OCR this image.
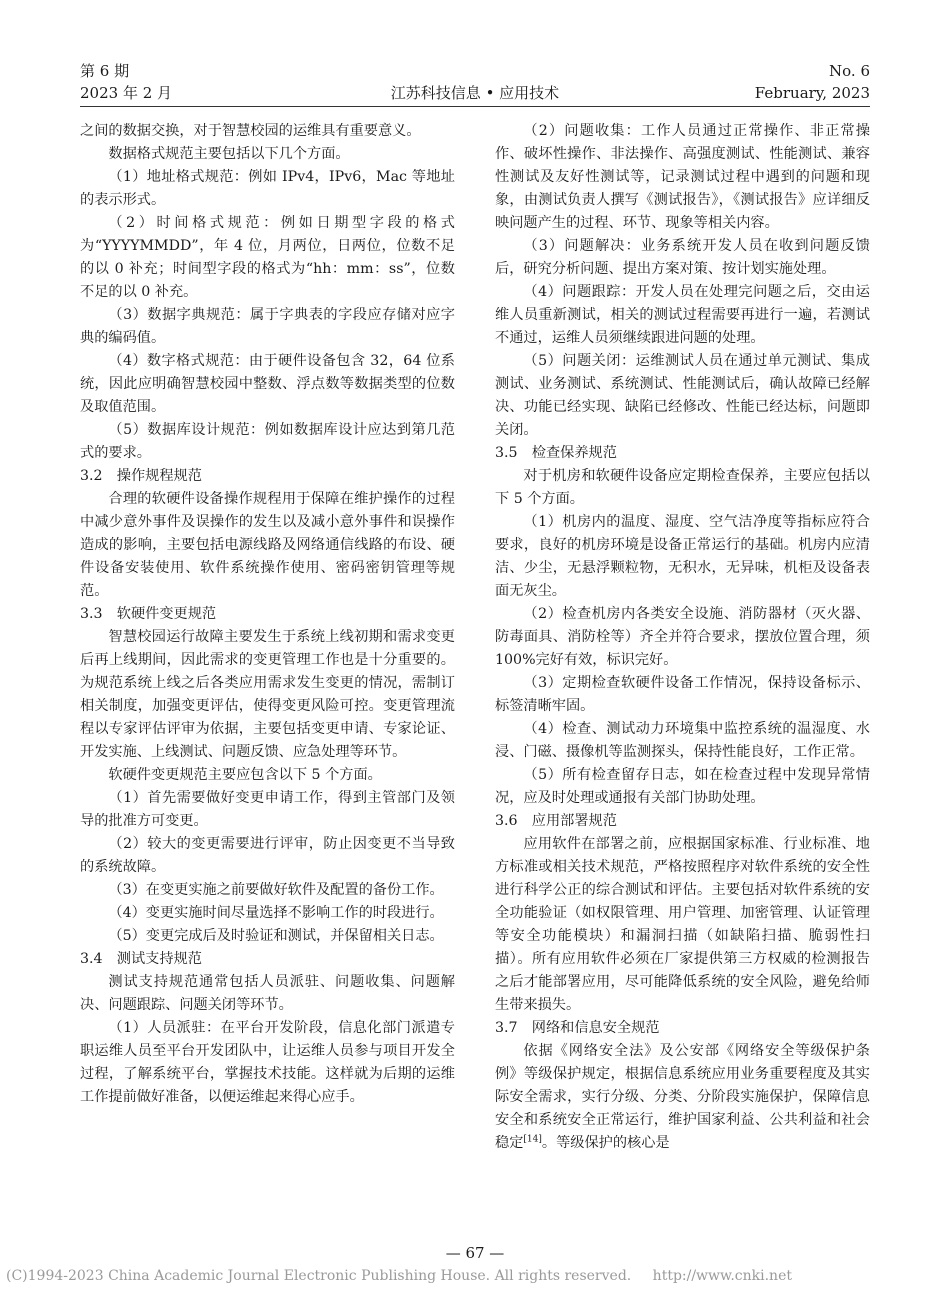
第 6 期
2023 年 2 月	江苏科技信息 • 应用技术
No. 6
February, 2023

之间的数据交换，对于智慧校园的运维具有重要意义。

数据格式规范主要包括以下几个方面。

（1）地址格式规范：例如 IPv4，IPv6，Mac 等地址的表示形式。

（2）时间格式规范：例如日期型字段的格式为“YYYYMMDD”，年 4 位，月两位，日两位，位数不足的以 0 补充；时间型字段的格式为“hh：mm：ss”，位数不足的以 0 补充。

（3）数据字典规范：属于字典表的字段应存储对应字典的编码值。

（4）数字格式规范：由于硬件设备包含 32，64 位系统，因此应明确智慧校园中整数、浮点数等数据类型的位数及取值范围。

（5）数据库设计规范：例如数据库设计应达到第几范式的要求。

3.2 操作规程规范

合理的软硬件设备操作规程用于保障在维护操作的过程中减少意外事件及误操作的发生以及减小意外事件和误操作造成的影响，主要包括电源线路及网络通信线路的布设、硬件设备安装使用、软件系统操作使用、密码密钥管理等规范。

3.3 软硬件变更规范

智慧校园运行故障主要发生于系统上线初期和需求变更后再上线期间，因此需求的变更管理工作也是十分重要的。为规范系统上线之后各类应用需求发生变更的情况，需制订相关制度，加强变更评估，使得变更风险可控。变更管理流程以专家评估评审为依据，主要包括变更申请、专家论证、开发实施、上线测试、问题反馈、应急处理等环节。

软硬件变更规范主要应包含以下 5 个方面。

（1）首先需要做好变更申请工作，得到主管部门及领导的批准方可变更。

（2）较大的变更需要进行评审，防止因变更不当导致的系统故障。

（3）在变更实施之前要做好软件及配置的备份工作。

（4）变更实施时间尽量选择不影响工作的时段进行。

（5）变更完成后及时验证和测试，并保留相关日志。

3.4 测试支持规范

测试支持规范通常包括人员派驻、问题收集、问题解决、问题跟踪、问题关闭等环节。

（1）人员派驻：在平台开发阶段，信息化部门派遣专职运维人员至平台开发团队中，让运维人员参与项目开发全过程，了解系统平台，掌握技术技能。这样就为后期的运维工作提前做好准备，以便运维起来得心应手。

（2）问题收集：工作人员通过正常操作、非正常操作、破坏性操作、非法操作、高强度测试、性能测试、兼容性测试及友好性测试等，记录测试过程中遇到的问题和现象，由测试负责人撰写《测试报告》，《测试报告》应详细反映问题产生的过程、环节、现象等相关内容。

（3）问题解决：业务系统开发人员在收到问题反馈后，研究分析问题、提出方案对策、按计划实施处理。

（4）问题跟踪：开发人员在处理完问题之后，交由运维人员重新测试，相关的测试过程需要再进行一遍，若测试不通过，运维人员须继续跟进问题的处理。

（5）问题关闭：运维测试人员在通过单元测试、集成测试、业务测试、系统测试、性能测试后，确认故障已经解决、功能已经实现、缺陷已经修改、性能已经达标，问题即关闭。

3.5 检查保养规范

对于机房和软硬件设备应定期检查保养，主要应包括以下 5 个方面。

（1）机房内的温度、湿度、空气洁净度等指标应符合要求，良好的机房环境是设备正常运行的基础。机房内应清洁、少尘，无悬浮颗粒物，无积水，无异味，机柜及设备表面无灰尘。

（2）检查机房内各类安全设施、消防器材（灭火器、防毒面具、消防栓等）齐全并符合要求，摆放位置合理，须 100%完好有效，标识完好。

（3）定期检查软硬件设备工作情况，保持设备标示、标签清晰牢固。

（4）检查、测试动力环境集中监控系统的温湿度、水浸、门磁、摄像机等监测探头，保持性能良好，工作正常。

（5）所有检查留存日志，如在检查过程中发现异常情况，应及时处理或通报有关部门协助处理。

3.6 应用部署规范

应用软件在部署之前，应根据国家标准、行业标准、地方标准或相关技术规范，严格按照程序对软件系统的安全性进行科学公正的综合测试和评估。主要包括对软件系统的安全功能验证（如权限管理、用户管理、加密管理、认证管理等安全功能模块）和漏洞扫描（如缺陷扫描、脆弱性扫描）。所有应用软件必须在厂家提供第三方权威的检测报告之后才能部署应用，尽可能降低系统的安全风险，避免给师生带来损失。

3.7 网络和信息安全规范

依据《网络安全法》及公安部《网络安全等级保护条例》等级保护规定，根据信息系统应用业务重要程度及其实际安全需求，实行分级、分类、分阶段实施保护，保障信息安全和系统安全正常运行，维护国家利益、公共利益和社会稳定[14]。等级保护的核心是

— 67 —
(C)1994-2023 China Academic Journal Electronic Publishing House. All rights reserved. http://www.cnki.net
